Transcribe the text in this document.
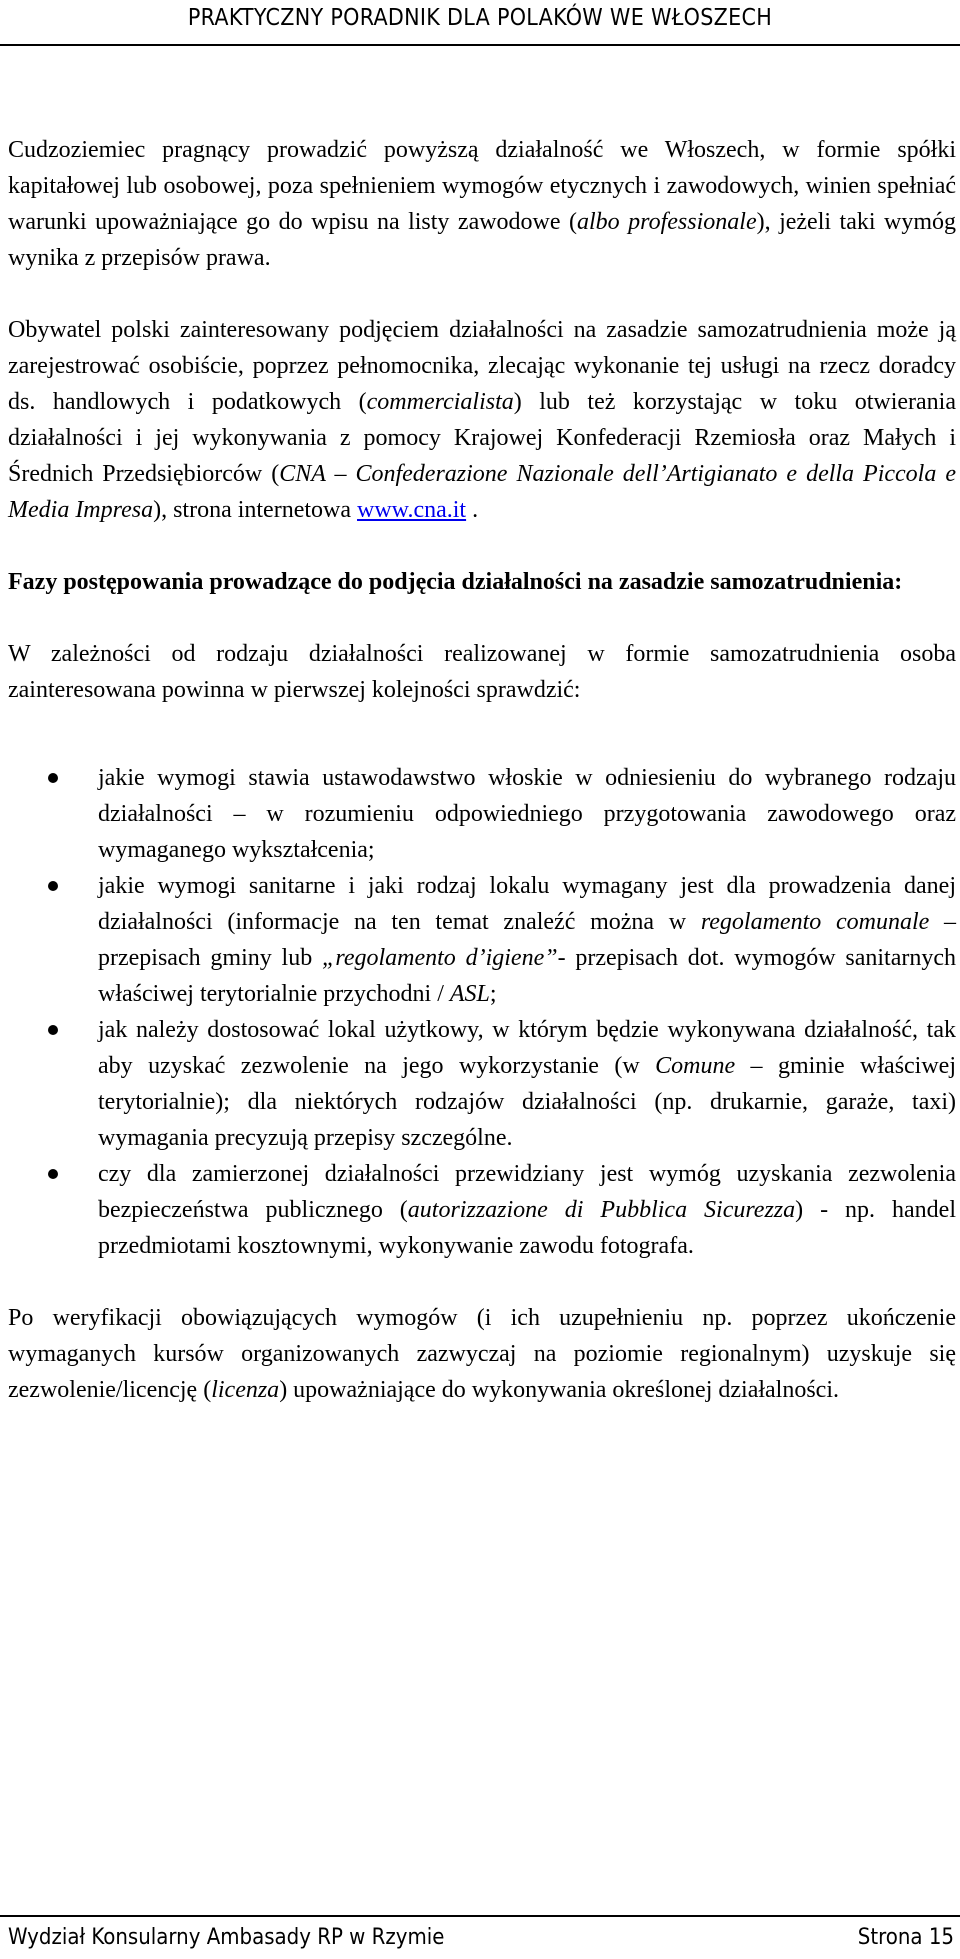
PRAKTYCZNY PORADNIK DLA POLAKÓW WE WŁOSZECH

Cudzoziemiec pragnący prowadzić powyższą działalność we Włoszech, w formie spółki kapitałowej lub osobowej, poza spełnieniem wymogów etycznych i zawodowych, winien spełniać warunki upoważniające go do wpisu na listy zawodowe (albo professionale), jeżeli taki wymóg wynika z przepisów prawa.

Obywatel polski zainteresowany podjęciem działalności na zasadzie samozatrudnienia może ją zarejestrować osobiście, poprzez pełnomocnika, zlecając wykonanie tej usługi na rzecz doradcy ds. handlowych i podatkowych (commercialista) lub też korzystając w toku otwierania działalności i jej wykonywania z pomocy Krajowej Konfederacji Rzemiosła oraz Małych i Średnich Przedsiębiorców (CNA – Confederazione Nazionale dell’Artigianato e della Piccola e Media Impresa), strona internetowa www.cna.it .

Fazy postępowania prowadzące do podjęcia działalności na zasadzie samozatrudnienia:

W zależności od rodzaju działalności realizowanej w formie samozatrudnienia osoba zainteresowana powinna w pierwszej kolejności sprawdzić:

jakie wymogi stawia ustawodawstwo włoskie w odniesieniu do wybranego rodzaju działalności – w rozumieniu odpowiedniego przygotowania zawodowego oraz wymaganego wykształcenia;
jakie wymogi sanitarne i jaki rodzaj lokalu wymagany jest dla prowadzenia danej działalności (informacje na ten temat znaleźć można w regolamento comunale – przepisach gminy lub „regolamento d’igiene”- przepisach dot. wymogów sanitarnych właściwej terytorialnie przychodni / ASL;
jak należy dostosować lokal użytkowy, w którym będzie wykonywana działalność, tak aby uzyskać zezwolenie na jego wykorzystanie (w Comune – gminie właściwej terytorialnie); dla niektórych rodzajów działalności (np. drukarnie, garaże, taxi) wymagania precyzują przepisy szczególne.
czy dla zamierzonej działalności przewidziany jest wymóg uzyskania zezwolenia bezpieczeństwa publicznego (autorizzazione di Pubblica Sicurezza) - np. handel przedmiotami kosztownymi, wykonywanie zawodu fotografa.

Po weryfikacji obowiązujących wymogów (i ich uzupełnieniu np. poprzez ukończenie wymaganych kursów organizowanych zazwyczaj na poziomie regionalnym) uzyskuje się zezwolenie/licencję (licenza) upoważniające do wykonywania określonej działalności.

Wydział Konsularny Ambasady RP w Rzymie	Strona 15
